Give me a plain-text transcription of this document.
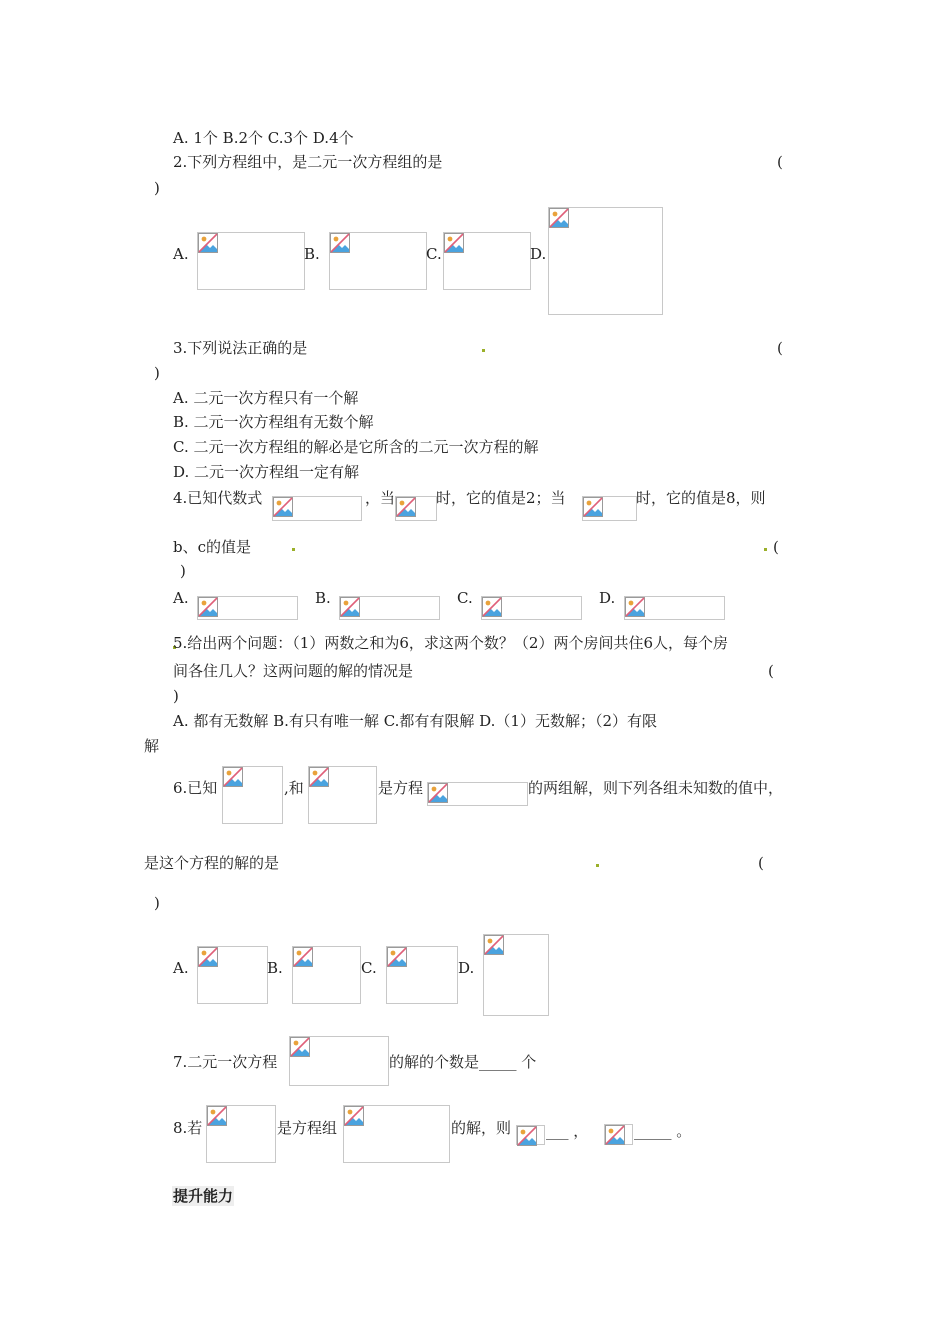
A. 1个 B.2个 C.3个 D.4个
2.下列方程组中，是二元一次方程组的是	(
)
A.	B.	C.	D.
3.下列说法正确的是	(
)
A. 二元一次方程只有一个解
B. 二元一次方程组有无数个解
C. 二元一次方程组的解必是它所含的二元一次方程的解
D. 二元一次方程组一定有解
4.已知代数式	，当	时，它的值是2；当	时，它的值是8，则
b、c的值是	(
)
A.	B.	C.	D.
5.给出两个问题：（1）两数之和为6，求这两个数？（2）两个房间共住6人，每个房
间各住几人？这两问题的解的情况是	(
)
A. 都有无数解 B.有只有唯一解 C.都有有限解 D.（1）无数解；（2）有限
解
6.已知	,和	是方程	的两组解，则下列各组未知数的值中，
是这个方程的解的是	(
)
A.	B.	C.	D.
7.二元一次方程	的解的个数是_____ 个
8.若	是方程组	的解，则 ___ ，	_____ 。
提升能力
